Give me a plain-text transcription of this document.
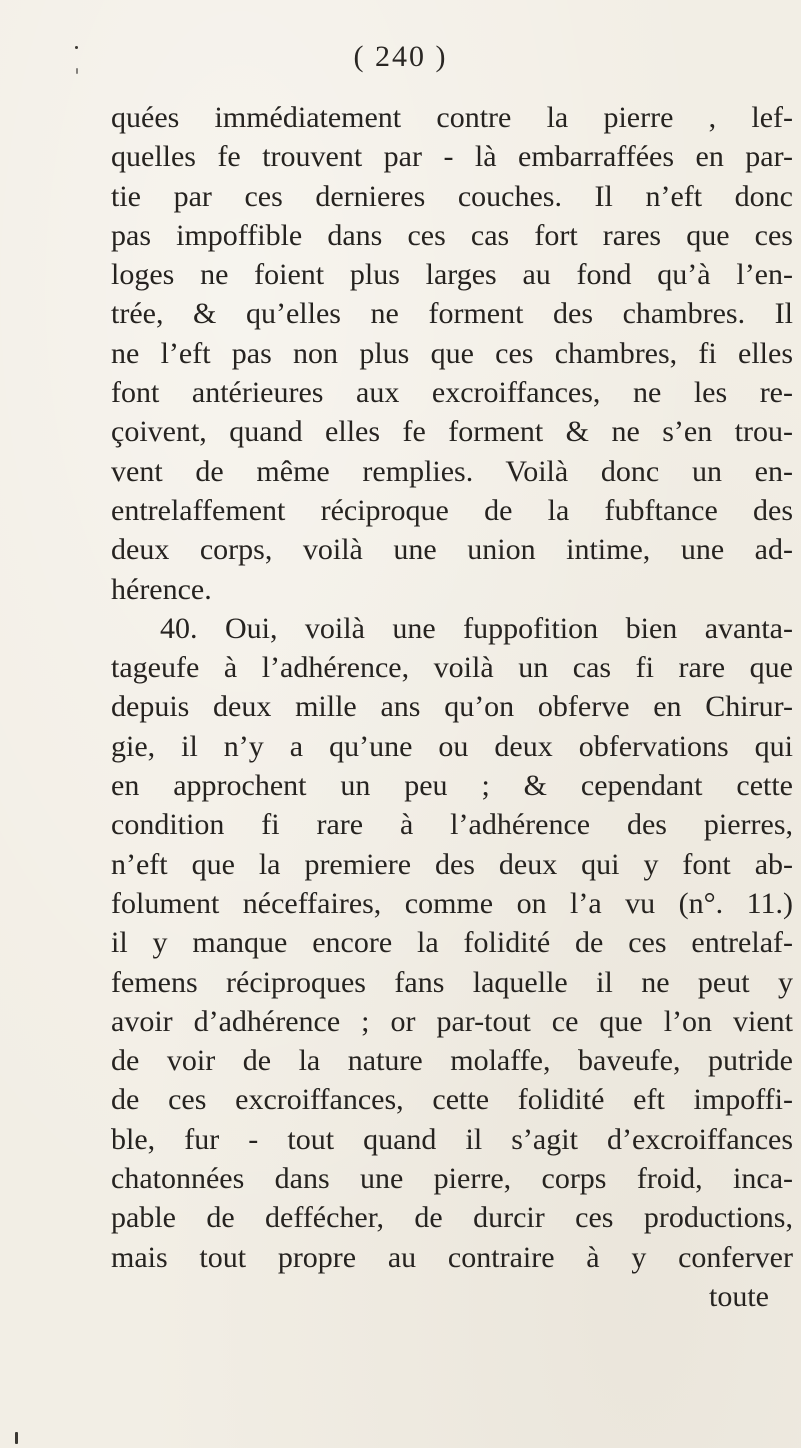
( 240 )
quées immédiatement contre la pierre , lef-
quelles fe trouvent par - là embarraffées en par-
tie par ces dernieres couches. Il n’eft donc
pas impoffible dans ces cas fort rares que ces
loges ne foient plus larges au fond qu’à l’en-
trée, & qu’elles ne forment des chambres. Il
ne l’eft pas non plus que ces chambres, fi elles
font antérieures aux excroiffances, ne les re-
çoivent, quand elles fe forment & ne s’en trou-
vent de même remplies. Voilà donc un en-
entrelaffement réciproque de la fubftance des
deux corps, voilà une union intime, une ad-
hérence.
40. Oui, voilà une fuppofition bien avanta-
tageufe à l’adhérence, voilà un cas fi rare que
depuis deux mille ans qu’on obferve en Chirur-
gie, il n’y a qu’une ou deux obfervations qui
en approchent un peu ; & cependant cette
condition fi rare à l’adhérence des pierres,
n’eft que la premiere des deux qui y font ab-
folument néceffaires, comme on l’a vu (n°. 11.)
il y manque encore la folidité de ces entrelaf-
femens réciproques fans laquelle il ne peut y
avoir d’adhérence ; or par-tout ce que l’on vient
de voir de la nature molaffe, baveufe, putride
de ces excroiffances, cette folidité eft impoffi-
ble, fur - tout quand il s’agit d’excroiffances
chatonnées dans une pierre, corps froid, inca-
pable de deffécher, de durcir ces productions,
mais tout propre au contraire à y conferver
toute
